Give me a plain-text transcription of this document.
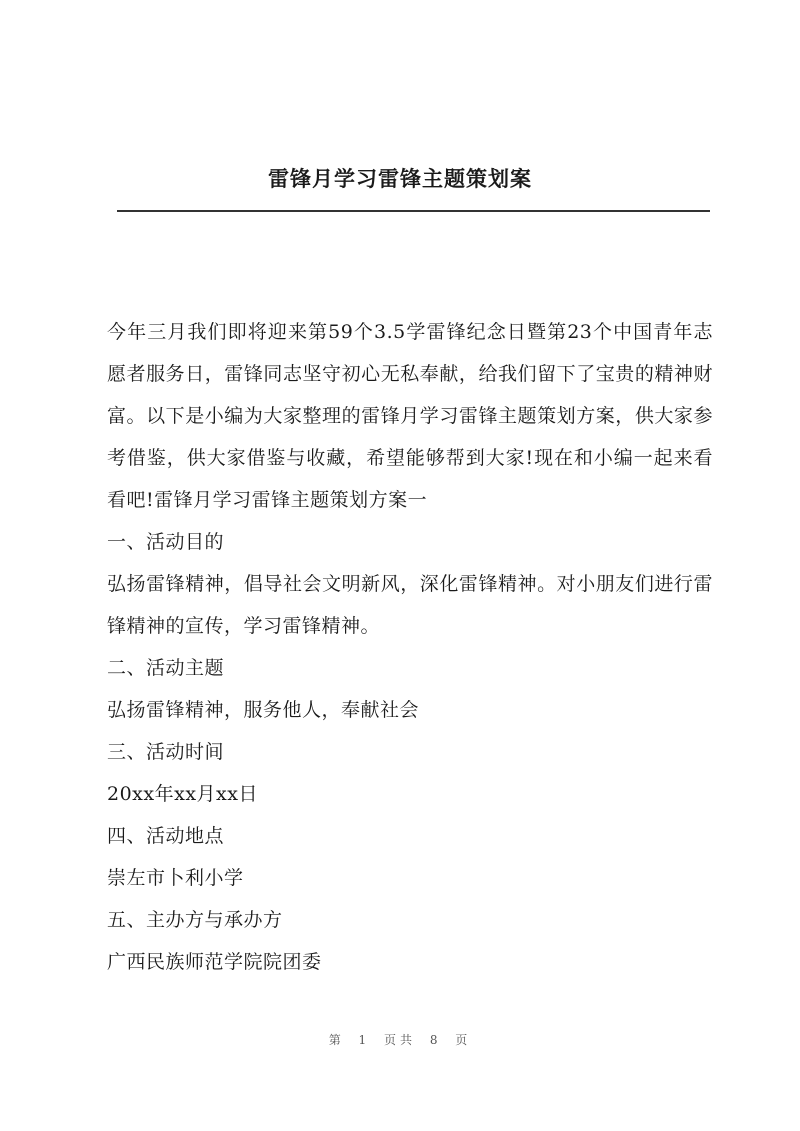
雷锋月学习雷锋主题策划案

今年三月我们即将迎来第59个3.5学雷锋纪念日暨第23个中国青年志愿者服务日，雷锋同志坚守初心无私奉献，给我们留下了宝贵的精神财富。以下是小编为大家整理的雷锋月学习雷锋主题策划方案，供大家参考借鉴，供大家借鉴与收藏，希望能够帮到大家!现在和小编一起来看看吧!雷锋月学习雷锋主题策划方案一

一、活动目的

弘扬雷锋精神，倡导社会文明新风，深化雷锋精神。对小朋友们进行雷锋精神的宣传，学习雷锋精神。

二、活动主题

弘扬雷锋精神，服务他人，奉献社会

三、活动时间

20xx年xx月xx日

四、活动地点

崇左市卜利小学

五、主办方与承办方

广西民族师范学院院团委

第 1 页共 8 页
